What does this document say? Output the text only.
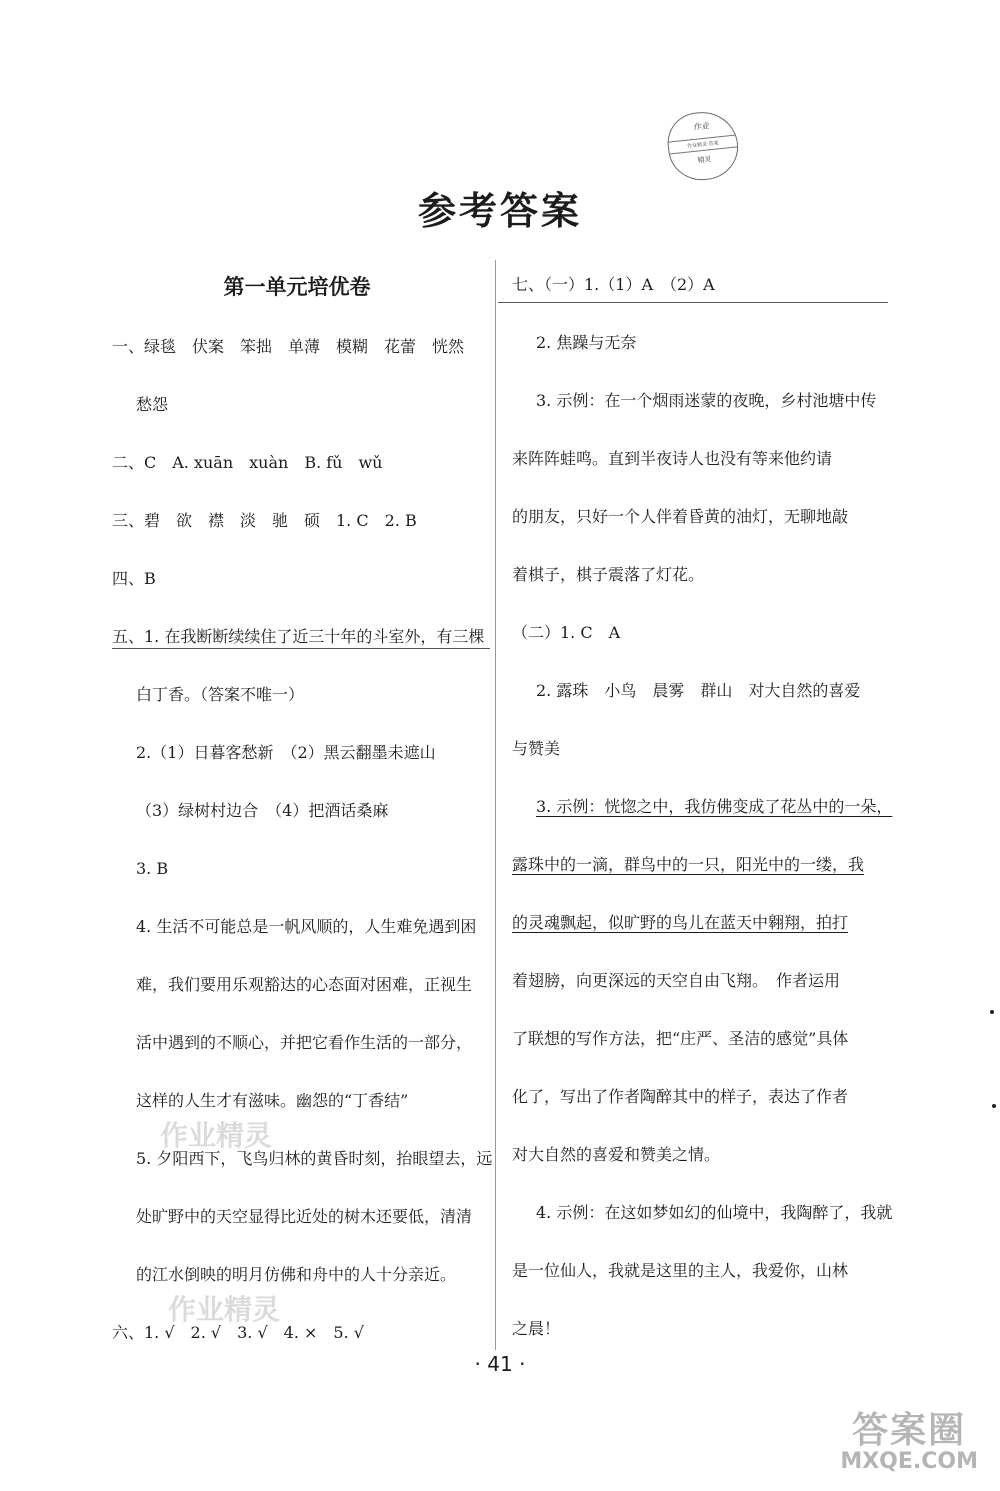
作业
作业精灵·答案
精灵
参考答案
第一单元培优卷
一、绿毯　伏案　笨拙　单薄　模糊　花蕾　恍然
愁怨
二、C　A. xuān　xuàn　B. fǔ　wǔ
三、碧　欲　襟　淡　驰　硕　1. C　2. B
四、B
五、1. 在我断断续续住了近三十年的斗室外，有三棵
白丁香。（答案不唯一）
2.（1）日暮客愁新　（2）黑云翻墨未遮山
（3）绿树村边合　（4）把酒话桑麻
3. B
4. 生活不可能总是一帆风顺的，人生难免遇到困
难，我们要用乐观豁达的心态面对困难，正视生
活中遇到的不顺心，并把它看作生活的一部分，
这样的人生才有滋味。幽怨的“丁香结”
5. 夕阳西下，飞鸟归林的黄昏时刻，抬眼望去，远
处旷野中的天空显得比近处的树木还要低，清清
的江水倒映的明月仿佛和舟中的人十分亲近。
六、1. √　2. √　3. √　4. ×　5. √
七、（一）1.（1）A　（2）A
2. 焦躁与无奈
3. 示例：在一个烟雨迷蒙的夜晚，乡村池塘中传
来阵阵蛙鸣。直到半夜诗人也没有等来他约请
的朋友，只好一个人伴着昏黄的油灯，无聊地敲
着棋子，棋子震落了灯花。
（二）1. C　A
2. 露珠　小鸟　晨雾　群山　对大自然的喜爱
与赞美
3. 示例：恍惚之中，我仿佛变成了花丛中的一朵，
露珠中的一滴，群鸟中的一只，阳光中的一缕，我
的灵魂飘起，似旷野的鸟儿在蓝天中翱翔，拍打
着翅膀，向更深远的天空自由飞翔。　作者运用
了联想的写作方法，把“庄严、圣洁的感觉”具体
化了，写出了作者陶醉其中的样子，表达了作者
对大自然的喜爱和赞美之情。
4. 示例：在这如梦如幻的仙境中，我陶醉了，我就
是一位仙人，我就是这里的主人，我爱你，山林
之晨！
作业精灵
作业精灵
· 41 ·
答案圈
MXQE.COM
